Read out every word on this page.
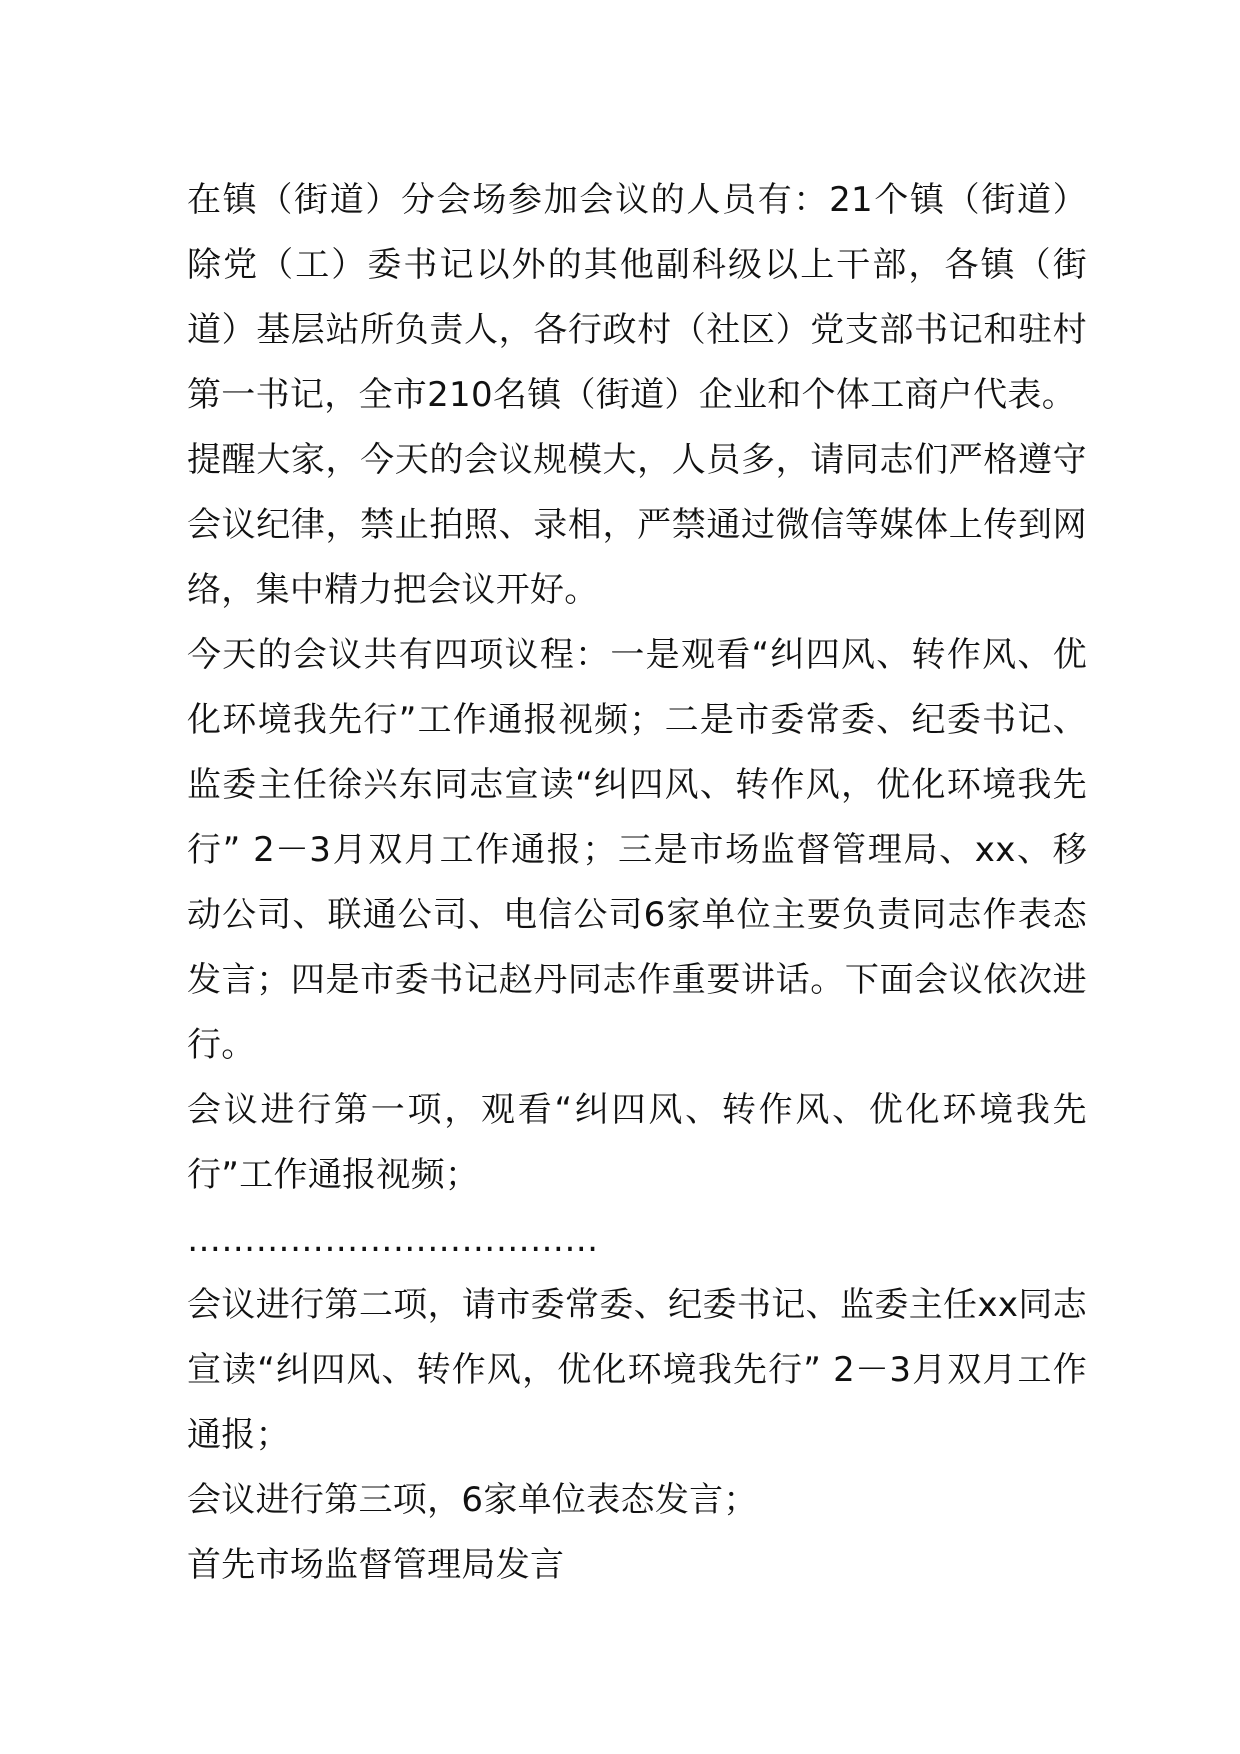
在镇（街道）分会场参加会议的人员有：21个镇（街道）除党（工）委书记以外的其他副科级以上干部，各镇（街道）基层站所负责人，各行政村（社区）党支部书记和驻村第一书记，全市210名镇（街道）企业和个体工商户代表。

提醒大家，今天的会议规模大，人员多，请同志们严格遵守会议纪律，禁止拍照、录相，严禁通过微信等媒体上传到网络，集中精力把会议开好。

今天的会议共有四项议程：一是观看“纠四风、转作风、优化环境我先行”工作通报视频；二是市委常委、纪委书记、监委主任徐兴东同志宣读“纠四风、转作风，优化环境我先行” 2－3月双月工作通报；三是市场监督管理局、xx、移动公司、联通公司、电信公司6家单位主要负责同志作表态发言；四是市委书记赵丹同志作重要讲话。下面会议依次进行。

会议进行第一项，观看“纠四风、转作风、优化环境我先行”工作通报视频；

………………………………

会议进行第二项，请市委常委、纪委书记、监委主任xx同志宣读“纠四风、转作风，优化环境我先行” 2－3月双月工作通报；

会议进行第三项，6家单位表态发言；

首先市场监督管理局发言
